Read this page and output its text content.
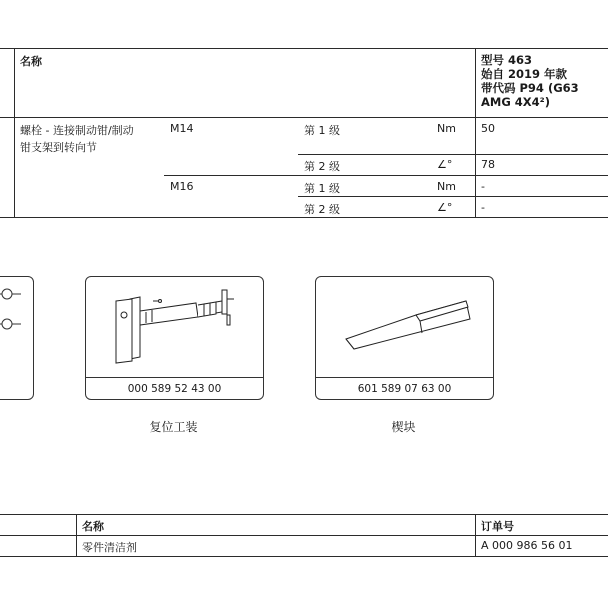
名称	型号 463
始自 2019 年款
带代码 P94 (G63
AMG 4X4²)
螺栓 - 连接制动钳/制动
钳支架到转向节
M14	第 1 级	Nm 50
第 2 级	∠°	78
M16	第 1 级	Nm -
第 2 级	∠°	-
000 589 52 43 00
复位工装
601 589 07 63 00
楔块
名称	订单号
零件清洁剂	A 000 986 56 01
